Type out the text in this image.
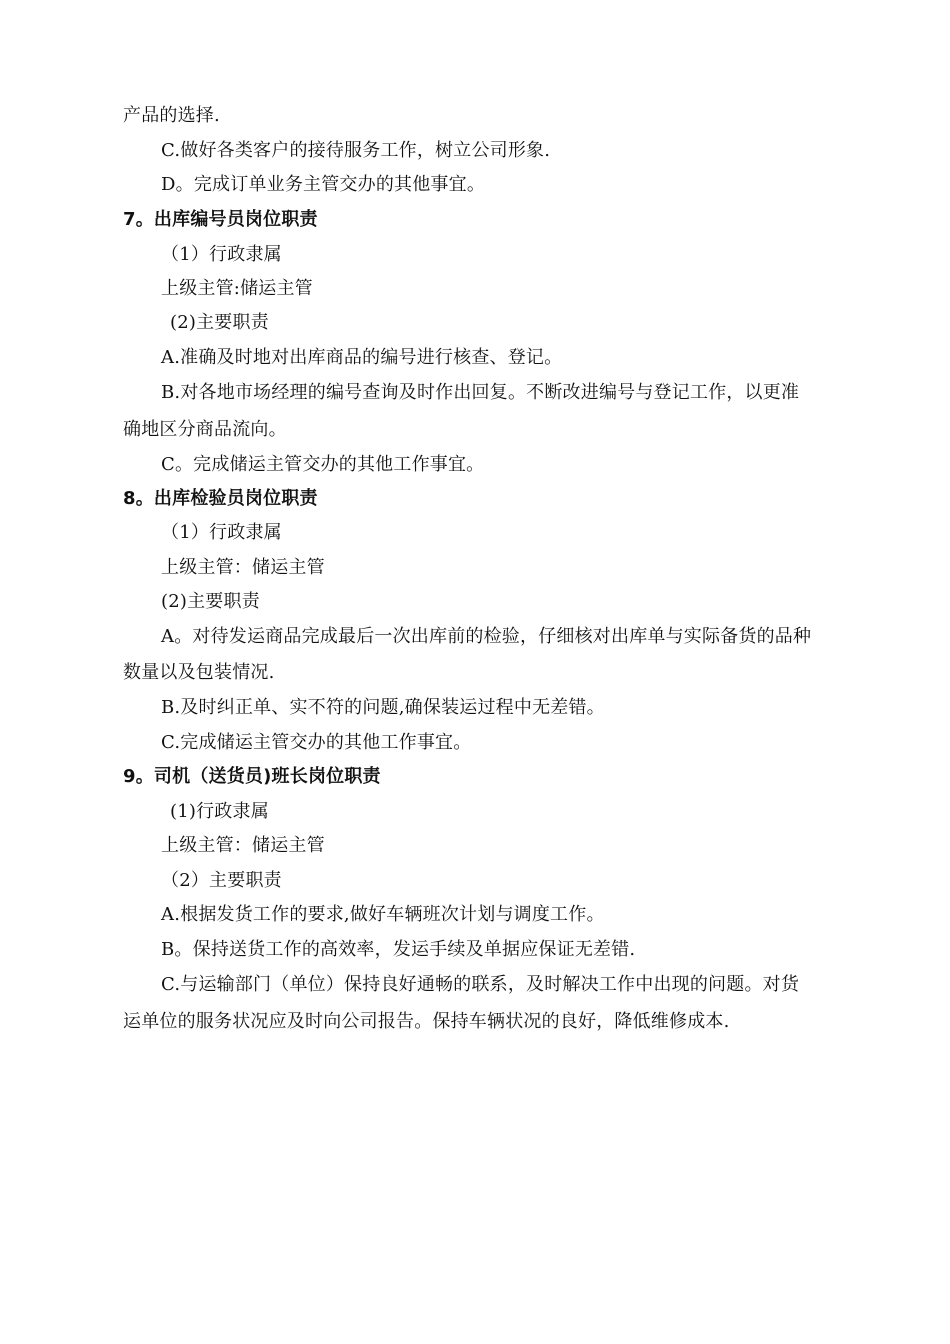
产品的选择.
C.做好各类客户的接待服务工作，树立公司形象.
D。完成订单业务主管交办的其他事宜。
7。出库编号员岗位职责
（1）行政隶属
上级主管:储运主管
(2)主要职责
A.准确及时地对出库商品的编号进行核查、登记。
B.对各地市场经理的编号查询及时作出回复。不断改进编号与登记工作，以更准
确地区分商品流向。
C。完成储运主管交办的其他工作事宜。
8。出库检验员岗位职责
（1）行政隶属
上级主管：储运主管
(2)主要职责
A。对待发运商品完成最后一次出库前的检验，仔细核对出库单与实际备货的品种
数量以及包装情况.
B.及时纠正单、实不符的问题,确保装运过程中无差错。
C.完成储运主管交办的其他工作事宜。
9。司机（送货员)班长岗位职责
(1)行政隶属
上级主管：储运主管
（2）主要职责
A.根据发货工作的要求,做好车辆班次计划与调度工作。
B。保持送货工作的高效率，发运手续及单据应保证无差错.
C.与运输部门（单位）保持良好通畅的联系，及时解决工作中出现的问题。对货
运单位的服务状况应及时向公司报告。保持车辆状况的良好，降低维修成本.
